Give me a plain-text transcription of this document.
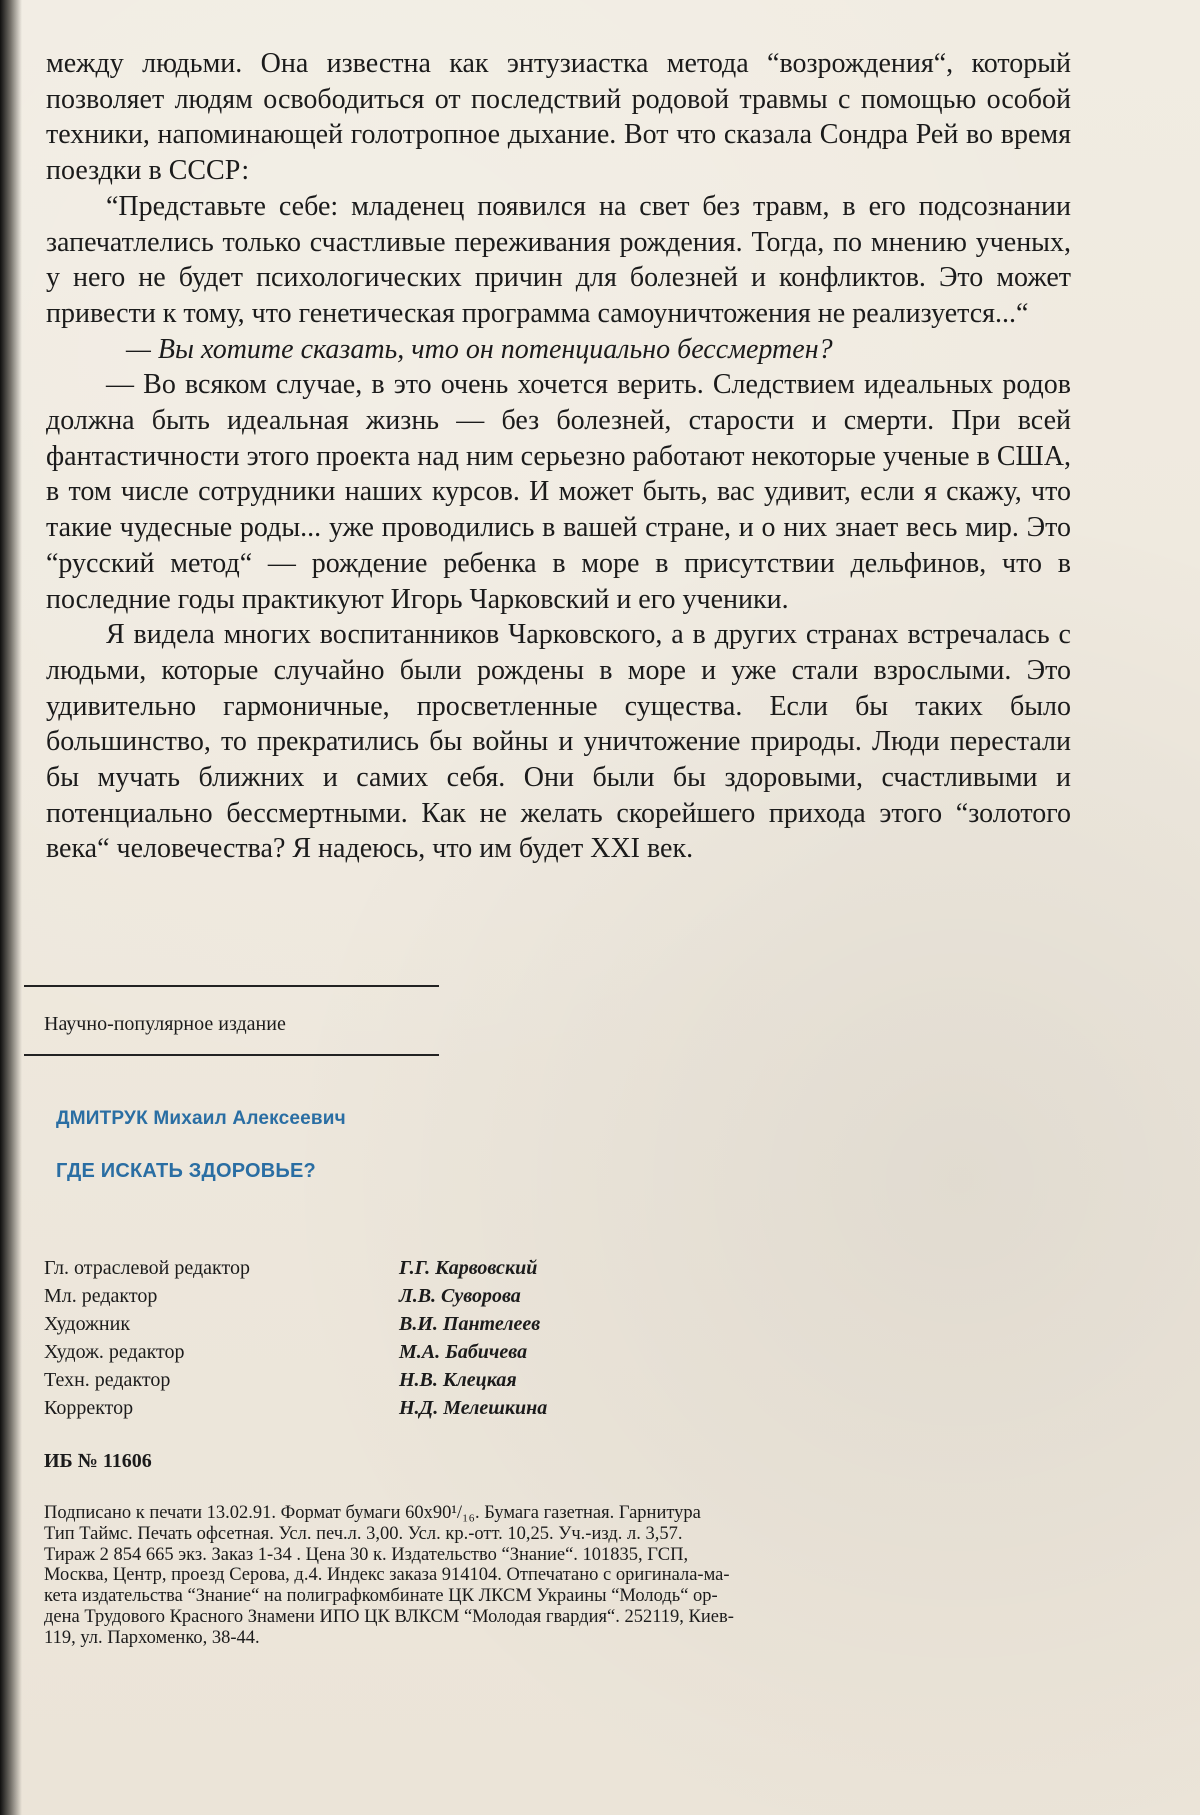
между людьми. Она известна как энтузиастка метода “возрождения“, который позволяет людям освободиться от последствий родовой травмы с помощью особой техники, напоминающей голотропное дыхание. Вот что сказала Сондра Рей во время поездки в СССР:

“Представьте себе: младенец появился на свет без травм, в его подсознании запечатлелись только счастливые переживания рождения. Тогда, по мнению ученых, у него не будет психологических причин для болезней и конфликтов. Это может привести к тому, что генетическая программа самоуничтожения не реализуется...“

— Вы хотите сказать, что он потенциально бессмертен?

— Во всяком случае, в это очень хочется верить. Следствием идеальных родов должна быть идеальная жизнь — без болезней, старости и смерти. При всей фантастичности этого проекта над ним серьезно работают некоторые ученые в США, в том числе сотрудники наших курсов. И может быть, вас удивит, если я скажу, что такие чудесные роды... уже проводились в вашей стране, и о них знает весь мир. Это “русский метод“ — рождение ребенка в море в присутствии дельфинов, что в последние годы практикуют Игорь Чарковский и его ученики.

Я видела многих воспитанников Чарковского, а в других странах встречалась с людьми, которые случайно были рождены в море и уже стали взрослыми. Это удивительно гармоничные, просветленные существа. Если бы таких было большинство, то прекратились бы войны и уничтожение природы. Люди перестали бы мучать ближних и самих себя. Они были бы здоровыми, счастливыми и потенциально бессмертными. Как не желать скорейшего прихода этого “золотого века“ человечества? Я надеюсь, что им будет XXI век.

Научно-популярное издание
ДМИТРУК Михаил Алексеевич
ГДЕ ИСКАТЬ ЗДОРОВЬЕ?
Гл. отраслевой редактор	Г.Г. Карвовский
Мл. редактор	Л.В. Суворова
Художник	В.И. Пантелеев
Худож. редактор	М.А. Бабичева
Техн. редактор	Н.В. Клецкая
Корректор	Н.Д. Мелешкина
ИБ № 11606
Подписано к печати 13.02.91. Формат бумаги 60x90¹/₁₆. Бумага газетная. Гарнитура
Тип Таймс. Печать офсетная. Усл. печ.л. 3,00. Усл. кр.-отт. 10,25. Уч.-изд. л. 3,57.
Тираж 2 854 665 экз. Заказ 1-34 . Цена 30 к. Издательство “Знание“. 101835, ГСП,
Москва, Центр, проезд Серова, д.4. Индекс заказа 914104. Отпечатано с оригинала-ма-
кета издательства “Знание“ на полиграфкомбинате ЦК ЛКСМ Украины “Молодь“ ор-
дена Трудового Красного Знамени ИПО ЦК ВЛКСМ “Молодая гвардия“. 252119, Киев-
119, ул. Пархоменко, 38-44.
